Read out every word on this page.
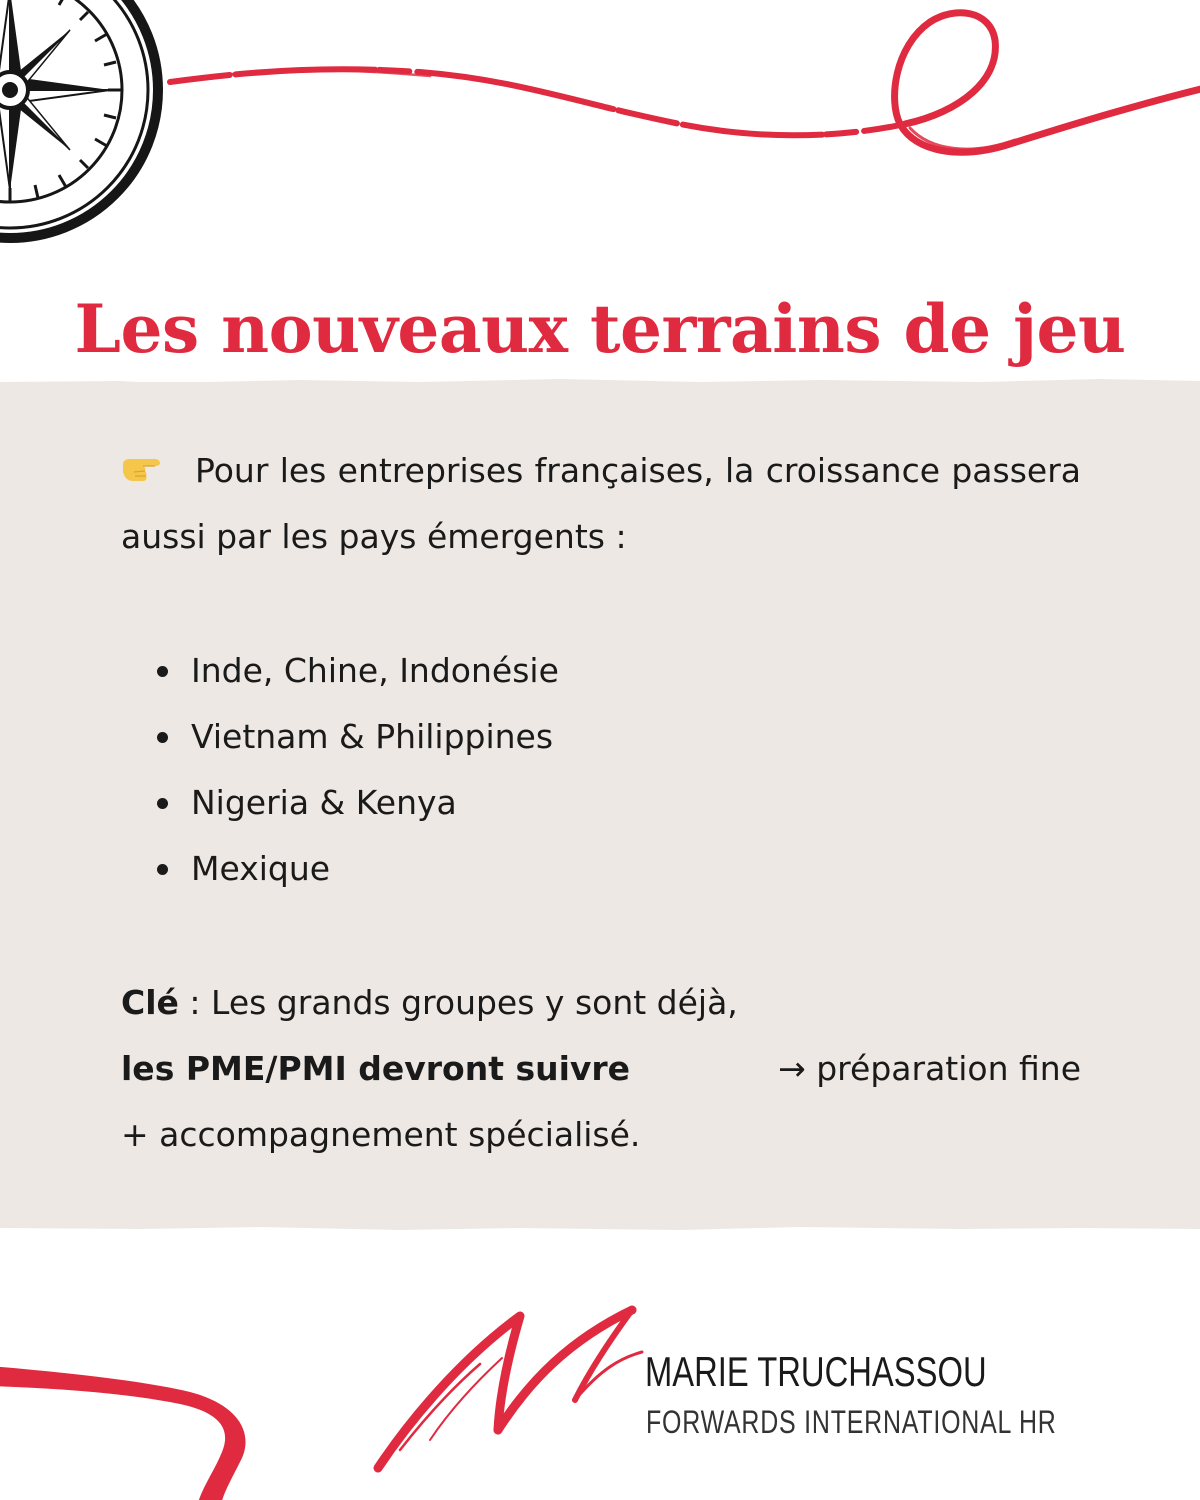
Les nouveaux terrains de jeu

Pour les entreprises françaises, la croissance passera aussi par les pays émergents :

Inde, Chine, Indonésie
Vietnam & Philippines
Nigeria & Kenya
Mexique

Clé : Les grands groupes y sont déjà,
les PME/PMI devront suivre	→ préparation fine
+ accompagnement spécialisé.

MARIE TRUCHASSOU

FORWARDS INTERNATIONAL HR
